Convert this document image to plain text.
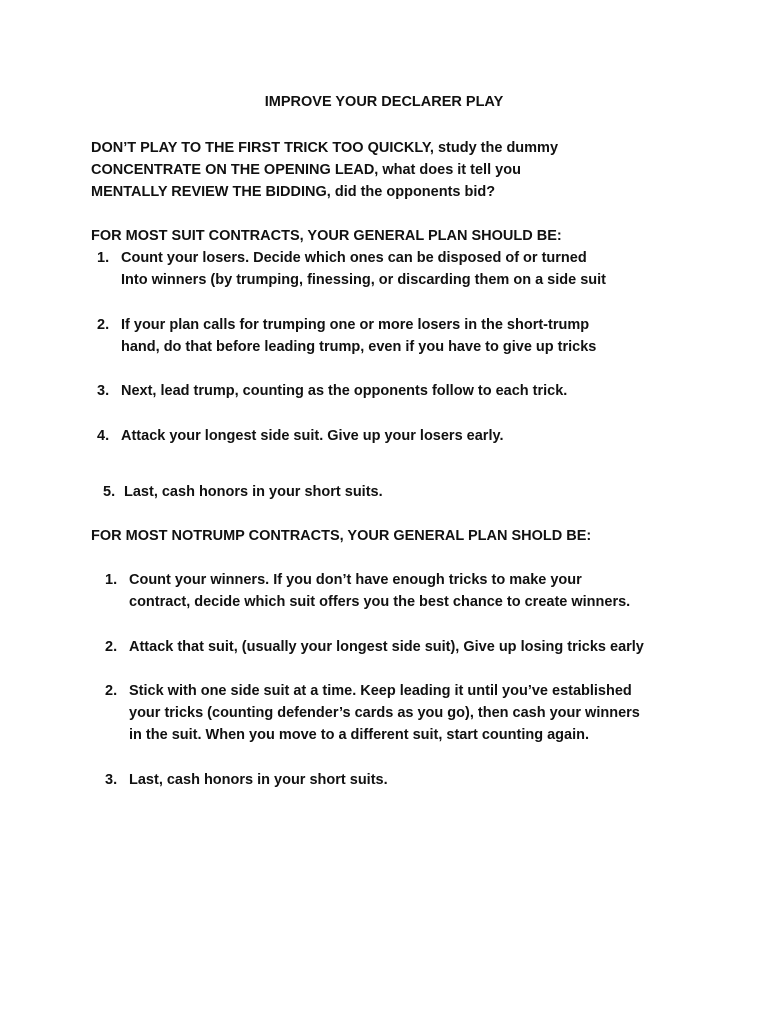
IMPROVE YOUR DECLARER PLAY
DON’T PLAY TO THE FIRST TRICK TOO QUICKLY, study the dummy
CONCENTRATE ON THE OPENING LEAD, what does it tell you
MENTALLY REVIEW THE BIDDING, did the opponents bid?
FOR MOST SUIT CONTRACTS, YOUR GENERAL PLAN SHOULD BE:
1. Count your losers. Decide which ones can be disposed of or turned
Into winners (by trumping, finessing, or discarding them on a side suit
2. If your plan calls for trumping one or more losers in the short-trump
hand, do that before leading trump, even if you have to give up tricks
3. Next, lead trump, counting as the opponents follow to each trick.
4. Attack your longest side suit. Give up your losers early.
5. Last, cash honors in your short suits.
FOR MOST NOTRUMP CONTRACTS, YOUR GENERAL PLAN SHOLD BE:
1. Count your winners. If you don’t have enough tricks to make your
contract, decide which suit offers you the best chance to create winners.
2. Attack that suit, (usually your longest side suit), Give up losing tricks early
2. Stick with one side suit at a time. Keep leading it until you’ve established
your tricks (counting defender’s cards as you go), then cash your winners
in the suit. When you move to a different suit, start counting again.
3. Last, cash honors in your short suits.
